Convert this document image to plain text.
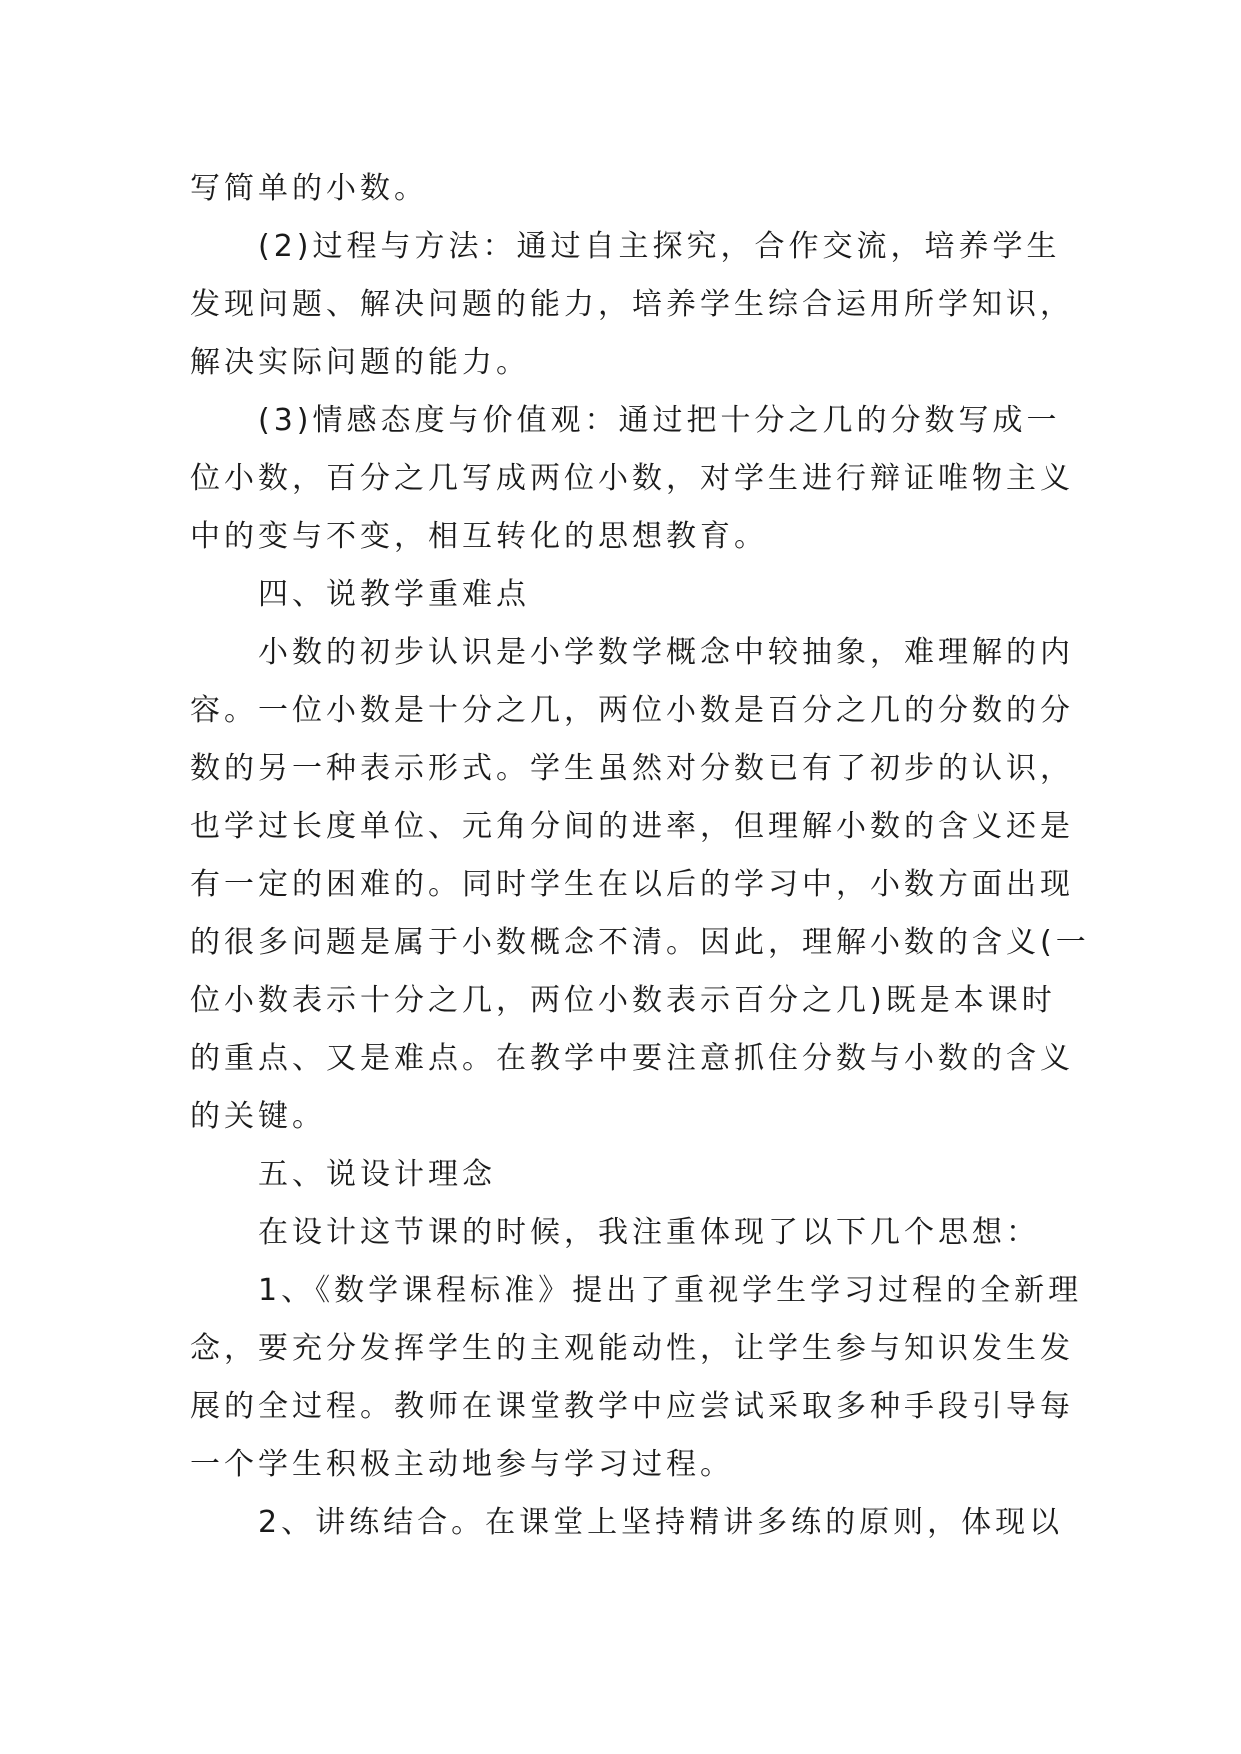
写简单的小数。

　　(2)过程与方法：通过自主探究，合作交流，培养学生

发现问题、解决问题的能力，培养学生综合运用所学知识，

解决实际问题的能力。

　　(3)情感态度与价值观：通过把十分之几的分数写成一

位小数，百分之几写成两位小数，对学生进行辩证唯物主义

中的变与不变，相互转化的思想教育。

　　四、说教学重难点

　　小数的初步认识是小学数学概念中较抽象，难理解的内

容。一位小数是十分之几，两位小数是百分之几的分数的分

数的另一种表示形式。学生虽然对分数已有了初步的认识，

也学过长度单位、元角分间的进率，但理解小数的含义还是

有一定的困难的。同时学生在以后的学习中，小数方面出现

的很多问题是属于小数概念不清。因此，理解小数的含义(一

位小数表示十分之几，两位小数表示百分之几)既是本课时

的重点、又是难点。在教学中要注意抓住分数与小数的含义

的关键。

　　五、说设计理念

　　在设计这节课的时候，我注重体现了以下几个思想：

　　1、《数学课程标准》提出了重视学生学习过程的全新理

念，要充分发挥学生的主观能动性，让学生参与知识发生发

展的全过程。教师在课堂教学中应尝试采取多种手段引导每

一个学生积极主动地参与学习过程。

　　2、讲练结合。在课堂上坚持精讲多练的原则，体现以
